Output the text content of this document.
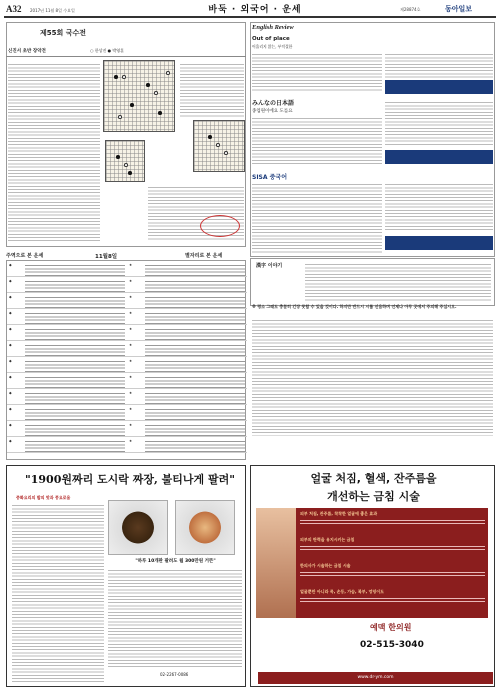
A32 2017년 11월 8일 수요일	바둑 · 외국어 · 운세	제28874호	동아일보
제55회 국수전
신진서 초반 장악전	○ 한상진 ● 박영훈
주역으로 본 운세	11월8일	별자리로 본 운세
◆	★
◆	★
◆	★
◆	★
◆	★
◆	★
◆	★
◆	★
◆	★
◆	★
◆	★
◆	★
English Review
Out of place
어울리지 않는, 부적절한
みんなの日本語
종업원이에요 도를요
SISA 중국어
漢字 이야기
※ 평소 그래도 충분히 긴장 못할 수 있을 것이다. 하지만 반드시 시를 신음하며 언제나 아무 곳에서 주의해 주십시오.
"1900원짜리 도시락 짜장, 불티나게 팔려"
중화요리의 발의 맛과 풍요로움
"하루 10개판 팔려도 월 300만원 거뜬"
02-2267-0086
얼굴 처짐, 혈색, 잔주름을
개선하는 금침 시술
피부 처짐, 잔주름, 착착한 얼굴에 좋은 효과
피부의 탄력을 유지시키는 금침
한의사가 시술하는 금침 시술
얼굴뿐만 아니라 목, 손등, 가슴, 복부, 엉덩이도
예맥 한의원
02-515-3040
www.dr-ym.com
